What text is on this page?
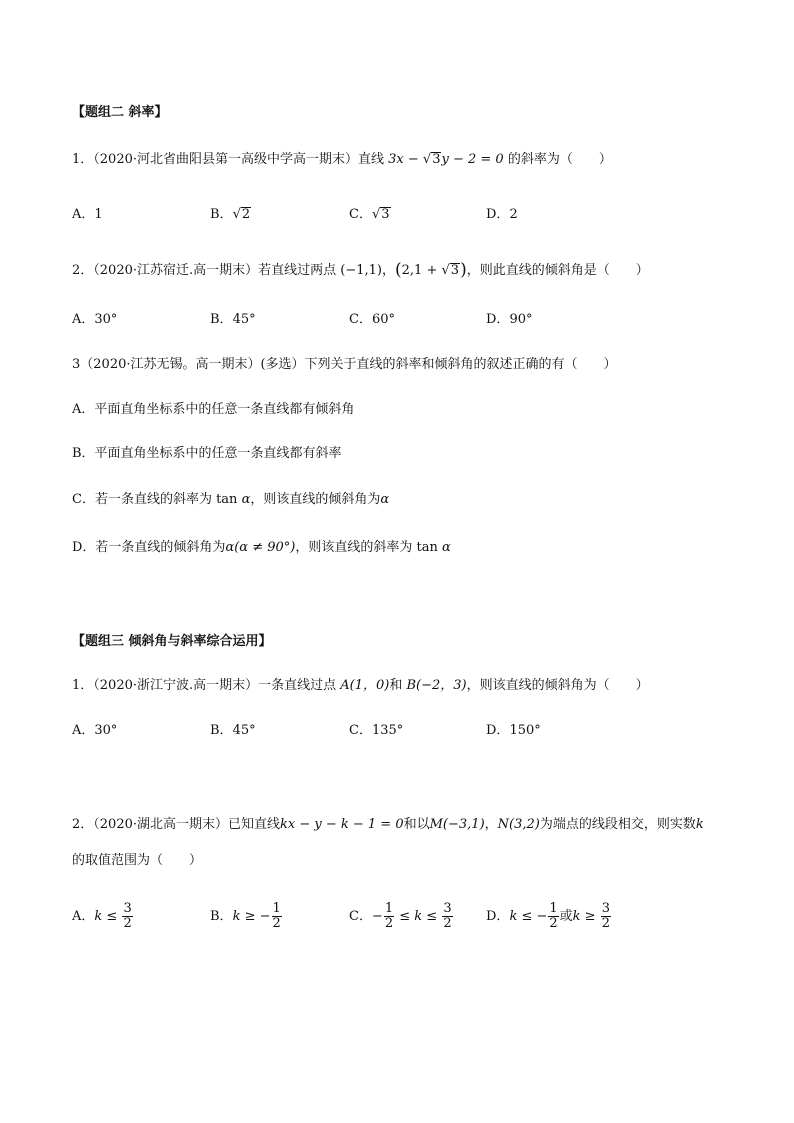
【题组二 斜率】
1．（2020·河北省曲阳县第一高级中学高一期末）直线 3x − √3y − 2 = 0 的斜率为（　　）
A．1	B．√2	C．√3	D．2
2．（2020·江苏宿迁.高一期末）若直线过两点 (−1,1)，(2,1 + √3)，则此直线的倾斜角是（　　）
A．30°	B．45°	C．60°	D．90°
3（2020·江苏无锡。高一期末）(多选）下列关于直线的斜率和倾斜角的叙述正确的有（　　）
A．平面直角坐标系中的任意一条直线都有倾斜角
B．平面直角坐标系中的任意一条直线都有斜率
C．若一条直线的斜率为 tan α，则该直线的倾斜角为α
D．若一条直线的倾斜角为α(α ≠ 90°)，则该直线的斜率为 tan α
【题组三 倾斜角与斜率综合运用】
1．（2020·浙江宁波.高一期末）一条直线过点 A(1，0)和 B(−2，3)，则该直线的倾斜角为（　　）
A．30°	B．45°	C．135°	D．150°
2．（2020·湖北高一期末）已知直线kx − y − k − 1 = 0和以M(−3,1)，N(3,2)为端点的线段相交，则实数k
的取值范围为（　　）
A．$k \le \frac{3}{2}$	B．k ≥ − $\frac{1}{2}$	C．− $\frac{1}{2} \le k \le \frac{3}{2}$	D．k ≤ − $\frac{1}{2}$ 或$k \ge \frac{3}{2}$
